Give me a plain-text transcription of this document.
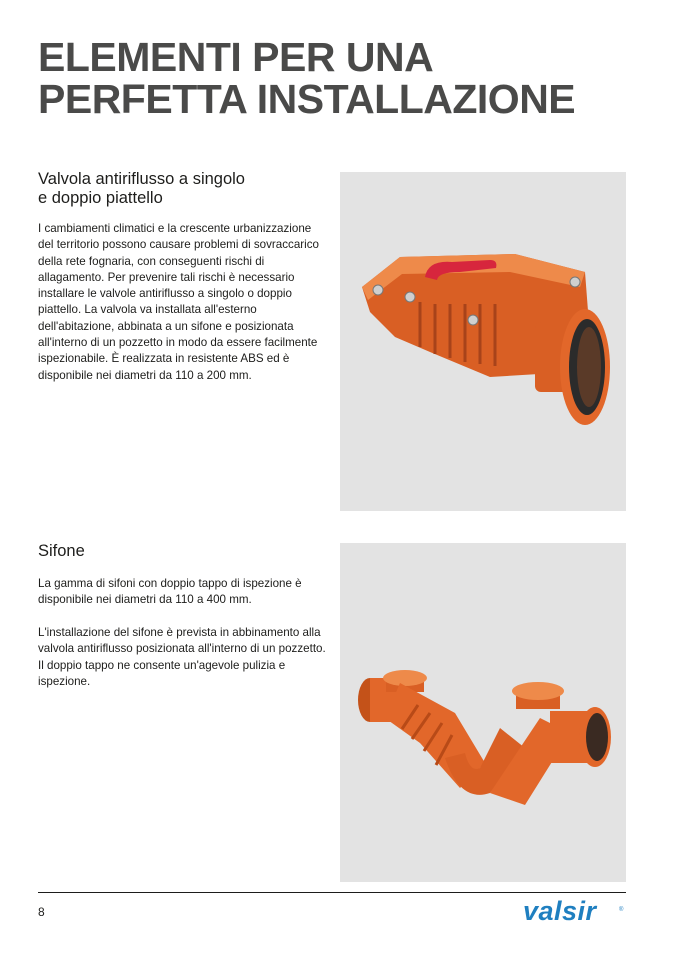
ELEMENTI PER UNA
PERFETTA INSTALLAZIONE
Valvola antiriflusso a singolo
e doppio piattello

I cambiamenti climatici e la crescente urbanizzazione del territorio possono causare problemi di sovraccarico della rete fognaria, con conseguenti rischi di allagamento. Per prevenire tali rischi è necessario installare le valvole antiriflusso a singolo o doppio piattello. La valvola va installata all'esterno dell'abitazione, abbinata a un sifone e posizionata all'interno di un pozzetto in modo da essere facilmente ispezionabile. È realizzata in resistente ABS ed è disponibile nei diametri da 110 a 200 mm.

Sifone

La gamma di sifoni con doppio tappo di ispezione è disponibile nei diametri da 110 a 400 mm.

L'installazione del sifone è prevista in abbinamento alla valvola antiriflusso posizionata all'interno di un pozzetto. Il doppio tappo ne consente un'agevole pulizia e ispezione.

8	valsir	®
